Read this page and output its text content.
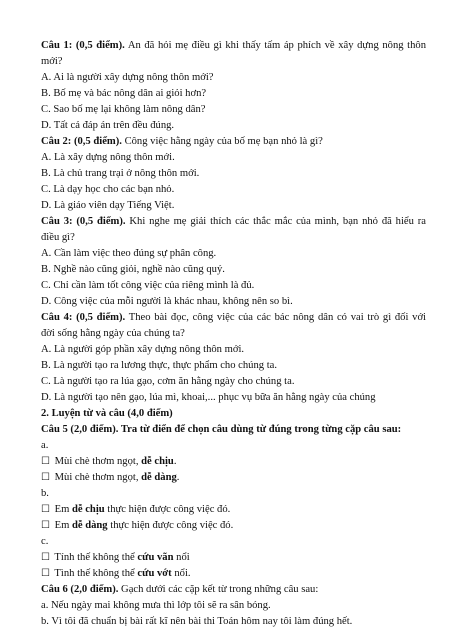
Câu 1: (0,5 điểm). An đã hỏi mẹ điều gì khi thấy tấm áp phích về xây dựng nông thôn
mới?
A. Ai là người xây dựng nông thôn mới?
B. Bố mẹ và bác nông dân ai giỏi hơn?
C. Sao bố mẹ lại không làm nông dân?
D. Tất cả đáp án trên đều đúng.
Câu 2: (0,5 điểm). Công việc hằng ngày của bố mẹ bạn nhỏ là gì?
A. Là xây dựng nông thôn mới.
B. Là chủ trang trại ở nông thôn mới.
C. Là dạy học cho các bạn nhỏ.
D. Là giáo viên dạy Tiếng Việt.
Câu 3: (0,5 điểm). Khi nghe mẹ giải thích các thắc mắc của mình, bạn nhỏ đã hiểu ra
điều gì?
A. Cần làm việc theo đúng sự phân công.
B. Nghề nào cũng giỏi, nghề nào cũng quý.
C. Chỉ cần làm tốt công việc của riêng mình là đủ.
D. Công việc của mỗi người là khác nhau, không nên so bì.
Câu 4: (0,5 điểm). Theo bài đọc, công việc của các bác nông dân có vai trò gì đối với
đời sống hằng ngày của chúng ta?
A. Là người góp phần xây dựng nông thôn mới.
B. Là người tạo ra lương thực, thực phẩm cho chúng ta.
C. Là người tạo ra lúa gạo, cơm ăn hằng ngày cho chúng ta.
D. Là người tạo nên gạo, lúa mì, khoai,... phục vụ bữa ăn hằng ngày của chúng
2. Luyện từ và câu (4,0 điểm)
Câu 5 (2,0 điểm). Tra từ điển để chọn câu dùng từ đúng trong từng cặp câu sau:
a.
☐ Mùi chè thơm ngọt, dễ chịu.
☐ Mùi chè thơm ngọt, dễ dàng.
b.
☐ Em dễ chịu thực hiện được công việc đó.
☐ Em dễ dàng thực hiện được công việc đó.
c.
☐ Tính thế không thể cứu vãn nổi
☐ Tình thế không thể cứu vớt nổi.
Câu 6 (2,0 điểm). Gạch dưới các cặp kết từ trong những câu sau:
a. Nếu ngày mai không mưa thì lớp tôi sẽ ra sân bóng.
b. Vì tôi đã chuẩn bị bài rất kĩ nên bài thi Toán hôm nay tôi làm đúng hết.
